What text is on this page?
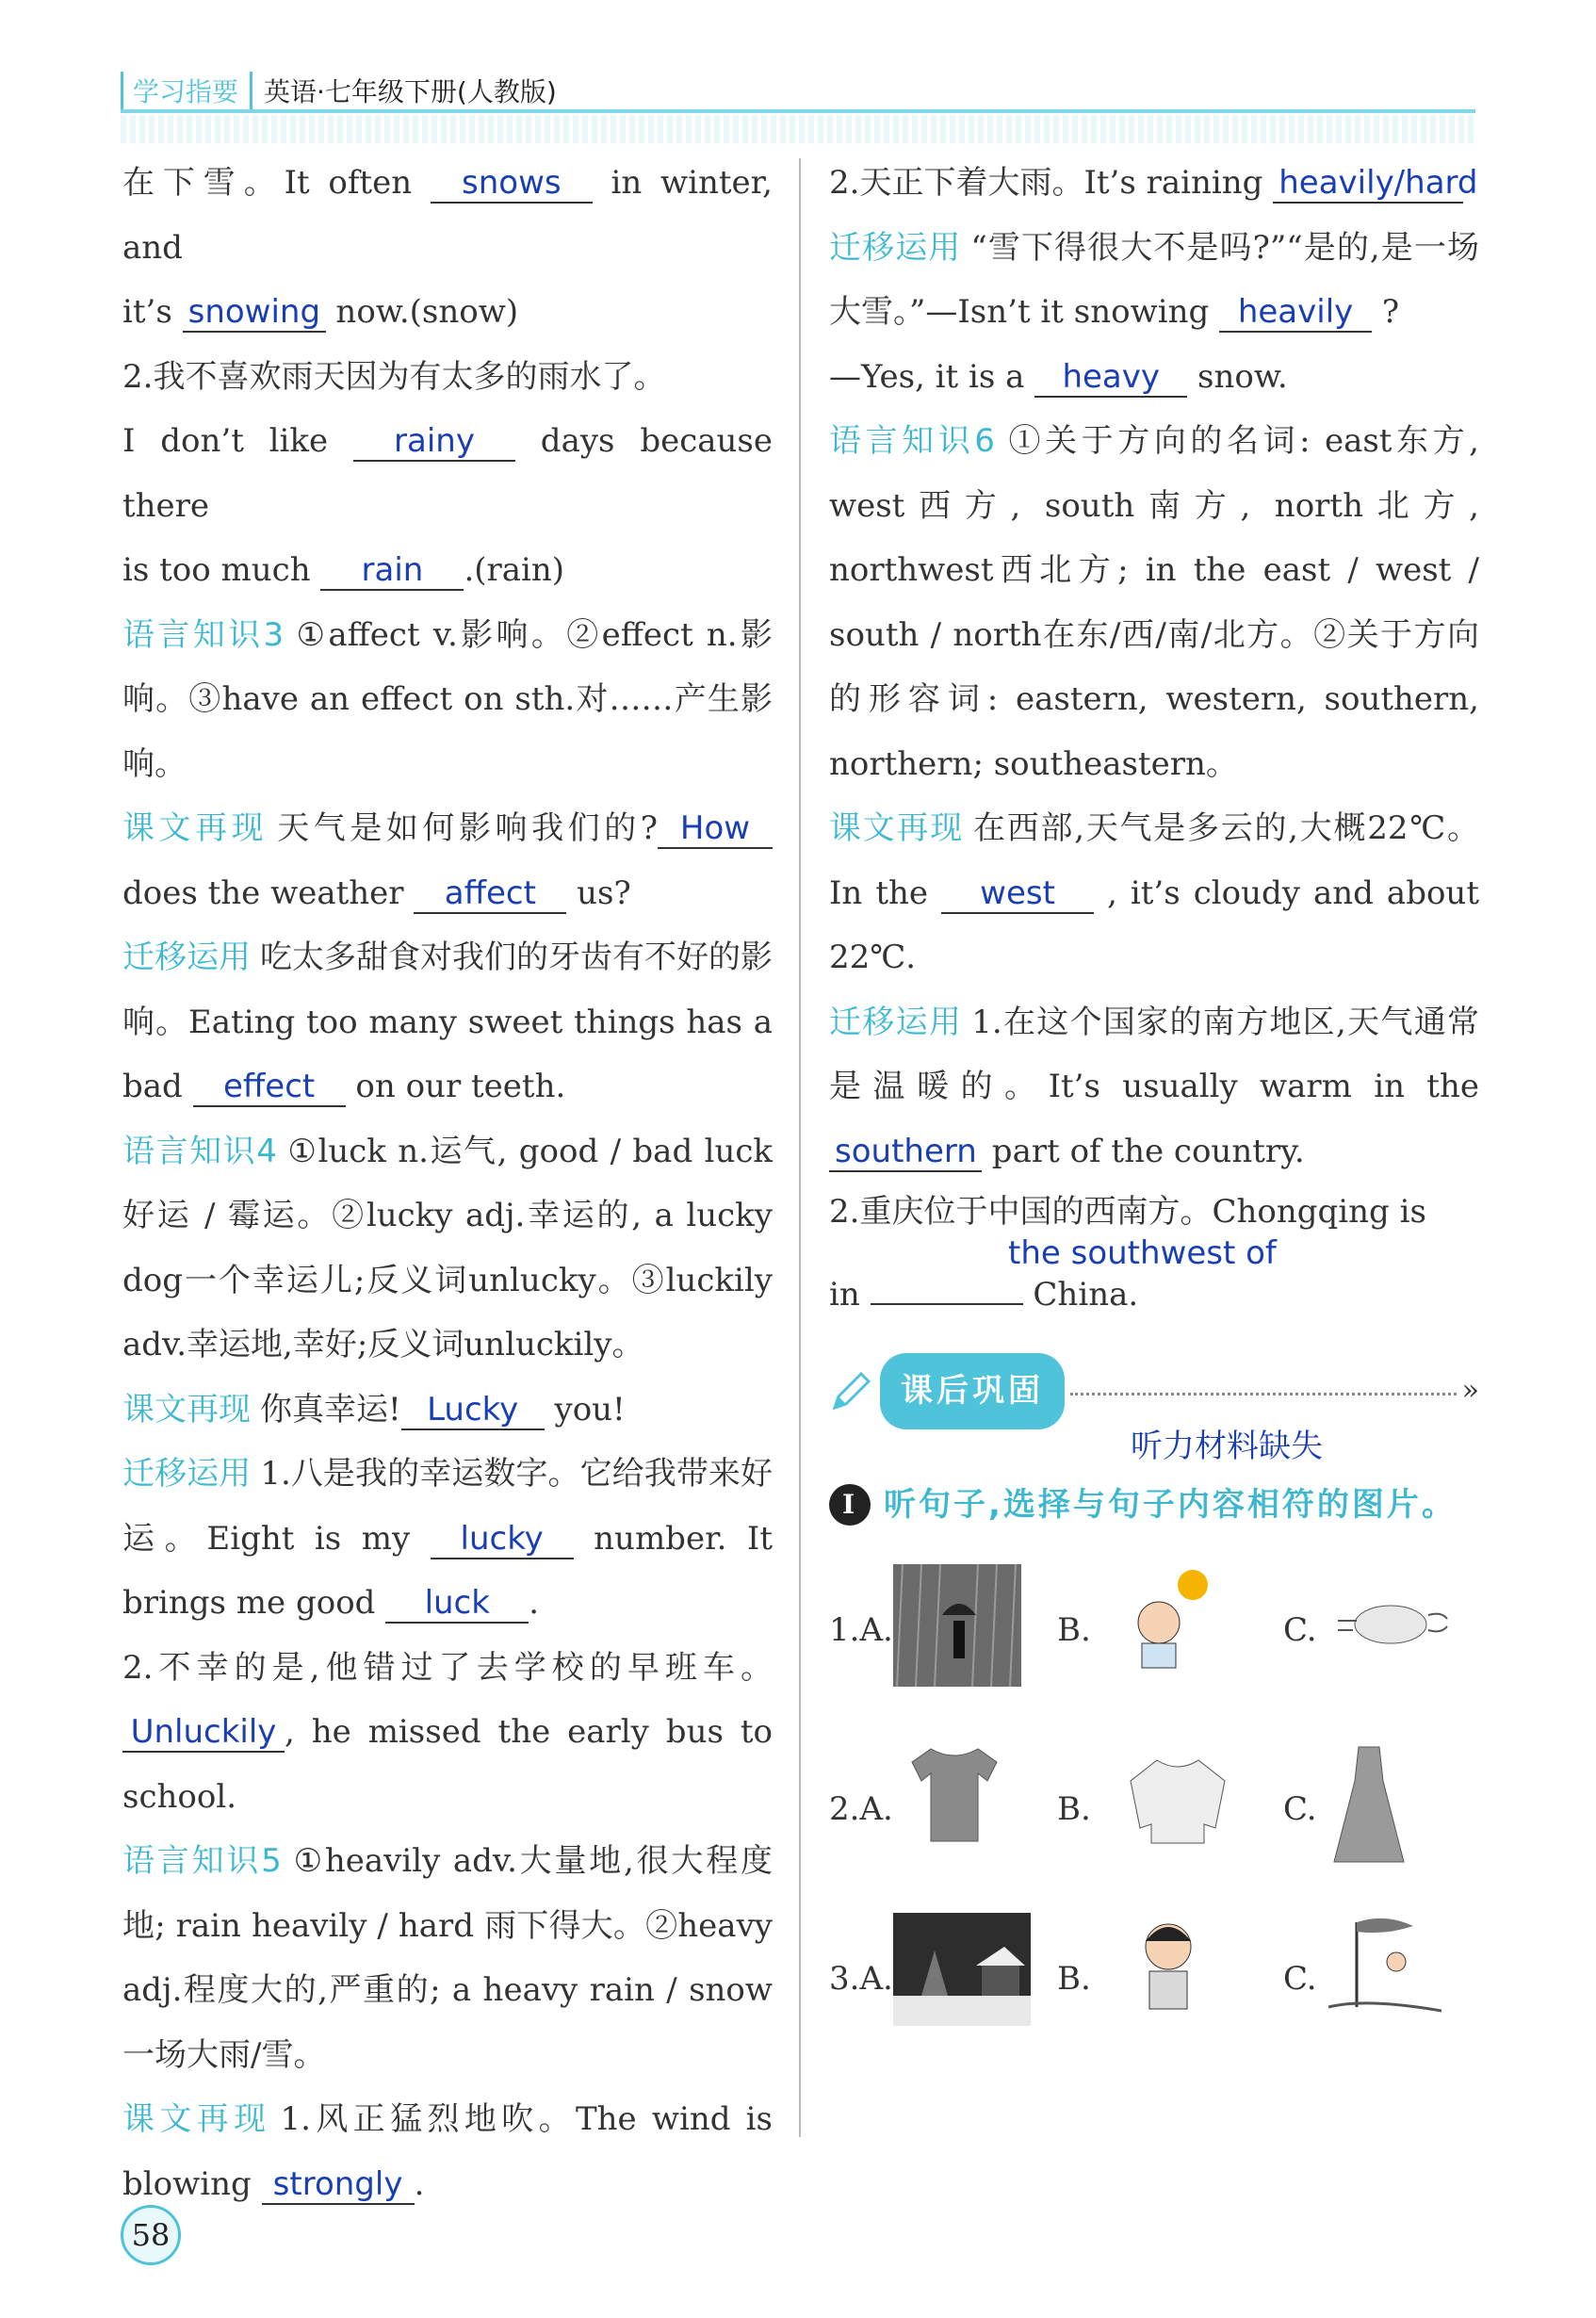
学习指要 英语·七年级下册(人教版)

在下雪。It often snows in winter, and

it’s snowing now.(snow)

2.我不喜欢雨天因为有太多的雨水了。

I don’t like rainy days because there

is too much rain .(rain)

语言知识3 ①affect v.影响。②effect n.影响。③have an effect on sth.对……产生影响。

课文再现 天气是如何影响我们的? How does the weather affect us?

迁移运用 吃太多甜食对我们的牙齿有不好的影响。Eating too many sweet things has a bad effect on our teeth.

语言知识4 ①luck n.运气, good / bad luck好运 / 霉运。②lucky adj.幸运的, a lucky dog一个幸运儿;反义词unlucky。③luckily adv.幸运地,幸好;反义词unluckily。

课文再现 你真幸运! Lucky you!

迁移运用 1.八是我的幸运数字。它给我带来好运。Eight is my lucky number. It brings me good luck .

2.不幸的是,他错过了去学校的早班车。Unluckily , he missed the early bus to school.

语言知识5 ①heavily adv.大量地,很大程度地; rain heavily / hard 雨下得大。②heavy adj.程度大的,严重的; a heavy rain / snow一场大雨/雪。

课文再现 1.风正猛烈地吹。The wind is blowing strongly .

2.天正下着大雨。It’s raining heavily/hard

迁移运用 “雪下得很大不是吗?”“是的,是一场大雪。”—Isn’t it snowing heavily ?
—Yes, it is a heavy snow.

语言知识6 ①关于方向的名词: east东方, west西方, south南方, north北方, northwest西北方; in the east / west / south / north在东/西/南/北方。②关于方向的形容词: eastern, western, southern, northern; southeastern。

课文再现 在西部,天气是多云的,大概22℃。In the west , it’s cloudy and about 22℃.

迁移运用 1.在这个国家的南方地区,天气通常是温暖的。It’s usually warm in the southern part of the country.

2.重庆位于中国的西南方。Chongqing is
the southwest of
in	China.

课后巩固	»
听力材料缺失
I 听句子,选择与句子内容相符的图片。
1.A.	B.	C.
2.A.	B.	C.
3.A.	B.	C.
58
